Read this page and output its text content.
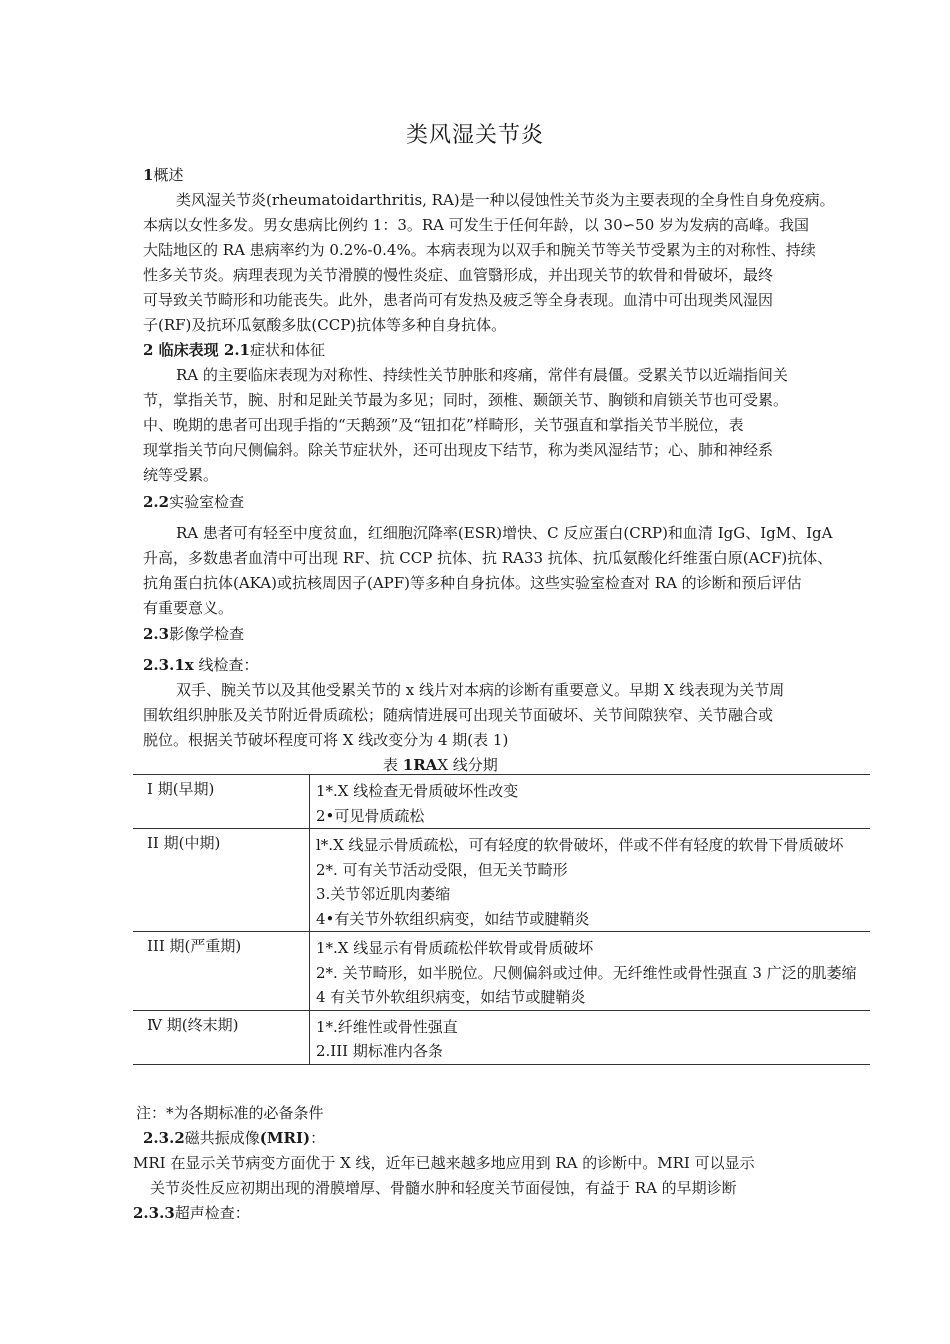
类风湿关节炎
1概述
类风湿关节炎(rheumatoidarthritis, RA)是一种以侵蚀性关节炎为主要表现的全身性自身免疫病。
本病以女性多发。男女患病比例约 1：3。RA 可发生于任何年龄，以 30∽50 岁为发病的高峰。我国
大陆地区的 RA 患病率约为 0.2%-0.4%。本病表现为以双手和腕关节等关节受累为主的对称性、持续
性多关节炎。病理表现为关节滑膜的慢性炎症、血管翳形成，并出现关节的软骨和骨破坏，最终
可导致关节畸形和功能丧失。此外，患者尚可有发热及疲乏等全身表现。血清中可出现类风湿因
子(RF)及抗环瓜氨酸多肽(CCP)抗体等多种自身抗体。
2 临床表现 2.1症状和体征
RA 的主要临床表现为对称性、持续性关节肿胀和疼痛，常伴有晨僵。受累关节以近端指间关
节，掌指关节，腕、肘和足趾关节最为多见；同时，颈椎、颞颌关节、胸锁和肩锁关节也可受累。
中、晚期的患者可出现手指的“天鹅颈”及“钮扣花”样畸形，关节强直和掌指关节半脱位，表
现掌指关节向尺侧偏斜。除关节症状外，还可出现皮下结节，称为类风湿结节；心、肺和神经系
统等受累。
2.2实验室检查
RA 患者可有轻至中度贫血，红细胞沉降率(ESR)增快、C 反应蛋白(CRP)和血清 IgG、IgM、IgA
升高，多数患者血清中可出现 RF、抗 CCP 抗体、抗 RA33 抗体、抗瓜氨酸化纤维蛋白原(ACF)抗体、
抗角蛋白抗体(AKA)或抗核周因子(APF)等多种自身抗体。这些实验室检查对 RA 的诊断和预后评估
有重要意义。
2.3影像学检查
2.3.1x 线检查：
双手、腕关节以及其他受累关节的 x 线片对本病的诊断有重要意义。早期 X 线表现为关节周
围软组织肿胀及关节附近骨质疏松；随病情进展可出现关节面破坏、关节间隙狭窄、关节融合或
脱位。根据关节破坏程度可将 X 线改变分为 4 期(表 1)
表 1RAX 线分期
I 期(早期)	1*.X 线检查无骨质破坏性改变
2•可见骨质疏松

II 期(中期)	l*.X 线显示骨质疏松，可有轻度的软骨破坏，伴或不伴有轻度的软骨下骨质破坏
2*. 可有关节活动受限，但无关节畸形
3.关节邻近肌肉萎缩
4•有关节外软组织病变，如结节或腱鞘炎

III 期(严重期)	1*.X 线显示有骨质疏松伴软骨或骨质破坏
2*. 关节畸形，如半脱位。尺侧偏斜或过伸。无纤维性或骨性强直 3 广泛的肌萎缩
4 有关节外软组织病变，如结节或腱鞘炎

Ⅳ 期(终末期)	1*.纤维性或骨性强直
2.III 期标准内各条
注：*为各期标准的必备条件
2.3.2磁共振成像(MRI)：
MRI 在显示关节病变方面优于 X 线，近年已越来越多地应用到 RA 的诊断中。MRI 可以显示
关节炎性反应初期出现的滑膜增厚、骨髓水肿和轻度关节面侵蚀，有益于 RA 的早期诊断
2.3.3超声检查：
